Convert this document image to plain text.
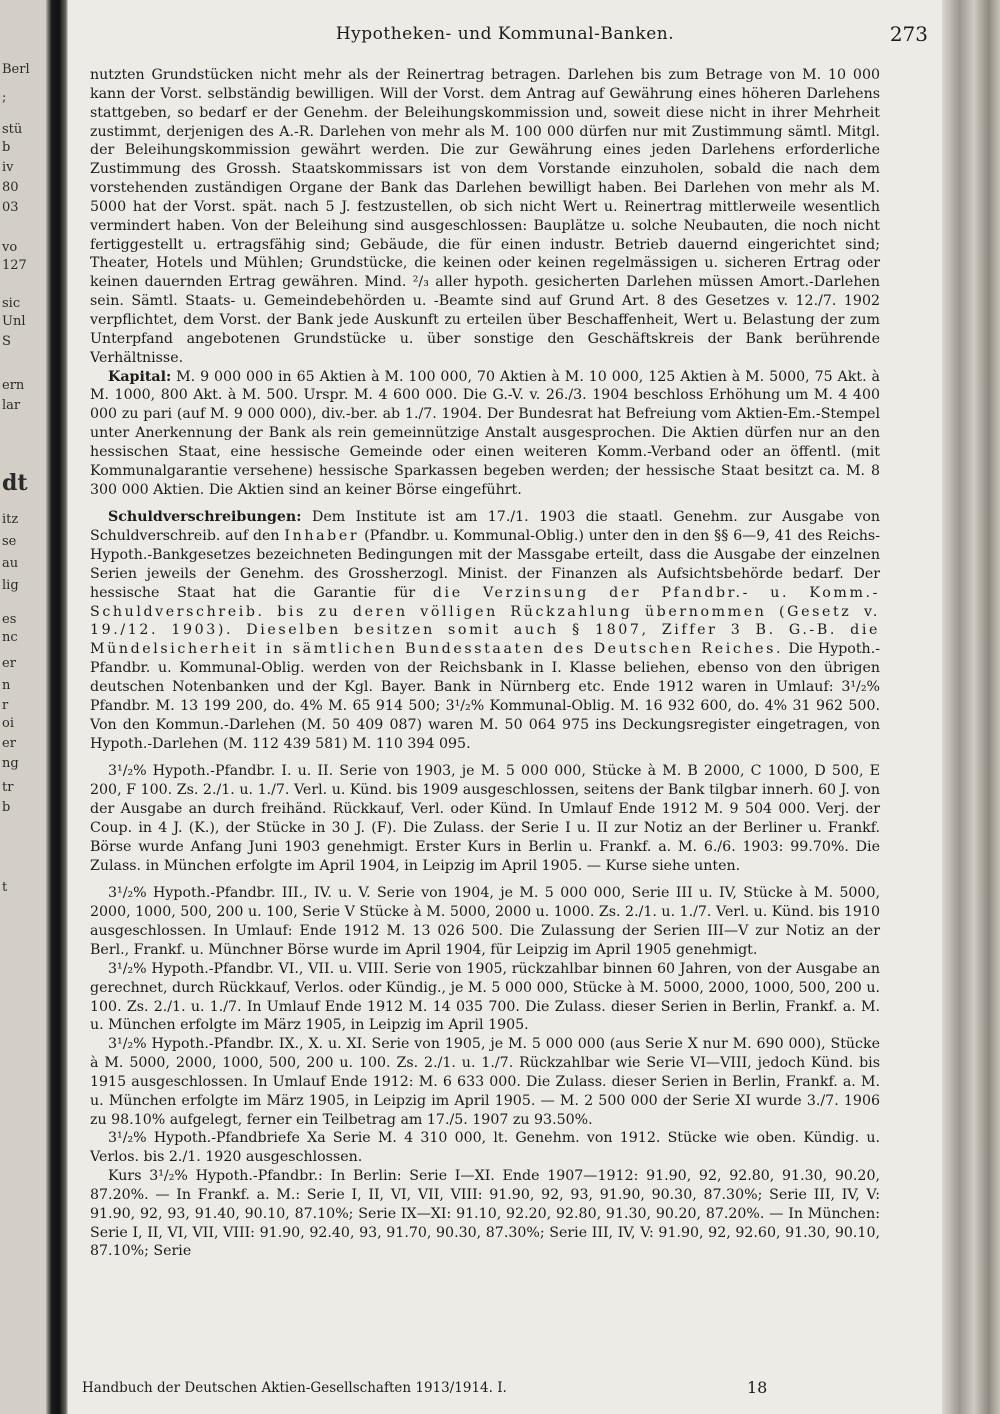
Berl
;
stü
b
iv
80
03
vo
127
sic
Unl
S
ern
lar
dt
itz
se
au
lig
es
nc
er
n
r
oi
er
ng
tr
b
t
Hypotheken- und Kommunal-Banken.	273

nutzten Grundstücken nicht mehr als der Reinertrag betragen. Darlehen bis zum Betrage von M. 10 000 kann der Vorst. selbständig bewilligen. Will der Vorst. dem Antrag auf Gewährung eines höheren Darlehens stattgeben, so bedarf er der Genehm. der Beleihungskommission und, soweit diese nicht in ihrer Mehrheit zustimmt, derjenigen des A.-R. Darlehen von mehr als M. 100 000 dürfen nur mit Zustimmung sämtl. Mitgl. der Beleihungskommission gewährt werden. Die zur Gewährung eines jeden Darlehens erforderliche Zustimmung des Grossh. Staatskommissars ist von dem Vorstande einzuholen, sobald die nach dem vorstehenden zuständigen Organe der Bank das Darlehen bewilligt haben. Bei Darlehen von mehr als M. 5000 hat der Vorst. spät. nach 5 J. festzustellen, ob sich nicht Wert u. Reinertrag mittlerweile wesentlich vermindert haben. Von der Beleihung sind ausgeschlossen: Bauplätze u. solche Neubauten, die noch nicht fertiggestellt u. ertragsfähig sind; Gebäude, die für einen industr. Betrieb dauernd eingerichtet sind; Theater, Hotels und Mühlen; Grundstücke, die keinen oder keinen regelmässigen u. sicheren Ertrag oder keinen dauernden Ertrag gewähren. Mind. ²/₃ aller hypoth. gesicherten Darlehen müssen Amort.-Darlehen sein. Sämtl. Staats- u. Gemeindebehörden u. -Beamte sind auf Grund Art. 8 des Gesetzes v. 12./7. 1902 verpflichtet, dem Vorst. der Bank jede Auskunft zu erteilen über Beschaffenheit, Wert u. Belastung der zum Unterpfand angebotenen Grundstücke u. über sonstige den Geschäftskreis der Bank berührende Verhältnisse.

Kapital: M. 9 000 000 in 65 Aktien à M. 100 000, 70 Aktien à M. 10 000, 125 Aktien à M. 5000, 75 Akt. à M. 1000, 800 Akt. à M. 500. Urspr. M. 4 600 000. Die G.-V. v. 26./3. 1904 beschloss Erhöhung um M. 4 400 000 zu pari (auf M. 9 000 000), div.-ber. ab 1./7. 1904. Der Bundesrat hat Befreiung vom Aktien-Em.-Stempel unter Anerkennung der Bank als rein gemeinnützige Anstalt ausgesprochen. Die Aktien dürfen nur an den hessischen Staat, eine hessische Gemeinde oder einen weiteren Komm.-Verband oder an öffentl. (mit Kommunalgarantie versehene) hessische Sparkassen begeben werden; der hessische Staat besitzt ca. M. 8 300 000 Aktien. Die Aktien sind an keiner Börse eingeführt.

Schuldverschreibungen: Dem Institute ist am 17./1. 1903 die staatl. Genehm. zur Ausgabe von Schuldverschreib. auf den Inhaber (Pfandbr. u. Kommunal-Oblig.) unter den in den §§ 6—9, 41 des Reichs-Hypoth.-Bankgesetzes bezeichneten Bedingungen mit der Massgabe erteilt, dass die Ausgabe der einzelnen Serien jeweils der Genehm. des Grossherzogl. Minist. der Finanzen als Aufsichtsbehörde bedarf. Der hessische Staat hat die Garantie für die Verzinsung der Pfandbr.- u. Komm.-Schuldverschreib. bis zu deren völligen Rückzahlung übernommen (Gesetz v. 19./12. 1903). Dieselben besitzen somit auch § 1807, Ziffer 3 B. G.-B. die Mündelsicherheit in sämtlichen Bundesstaaten des Deutschen Reiches. Die Hypoth.-Pfandbr. u. Kommunal-Oblig. werden von der Reichsbank in I. Klasse beliehen, ebenso von den übrigen deutschen Notenbanken und der Kgl. Bayer. Bank in Nürnberg etc. Ende 1912 waren in Umlauf: 3¹/₂% Pfandbr. M. 13 199 200, do. 4% M. 65 914 500; 3¹/₂% Kommunal-Oblig. M. 16 932 600, do. 4% 31 962 500. Von den Kommun.-Darlehen (M. 50 409 087) waren M. 50 064 975 ins Deckungsregister eingetragen, von Hypoth.-Darlehen (M. 112 439 581) M. 110 394 095.

3¹/₂% Hypoth.-Pfandbr. I. u. II. Serie von 1903, je M. 5 000 000, Stücke à M. B 2000, C 1000, D 500, E 200, F 100. Zs. 2./1. u. 1./7. Verl. u. Künd. bis 1909 ausgeschlossen, seitens der Bank tilgbar innerh. 60 J. von der Ausgabe an durch freihänd. Rückkauf, Verl. oder Künd. In Umlauf Ende 1912 M. 9 504 000. Verj. der Coup. in 4 J. (K.), der Stücke in 30 J. (F). Die Zulass. der Serie I u. II zur Notiz an der Berliner u. Frankf. Börse wurde Anfang Juni 1903 genehmigt. Erster Kurs in Berlin u. Frankf. a. M. 6./6. 1903: 99.70%. Die Zulass. in München erfolgte im April 1904, in Leipzig im April 1905. — Kurse siehe unten.

3¹/₂% Hypoth.-Pfandbr. III., IV. u. V. Serie von 1904, je M. 5 000 000, Serie III u. IV, Stücke à M. 5000, 2000, 1000, 500, 200 u. 100, Serie V Stücke à M. 5000, 2000 u. 1000. Zs. 2./1. u. 1./7. Verl. u. Künd. bis 1910 ausgeschlossen. In Umlauf: Ende 1912 M. 13 026 500. Die Zulassung der Serien III—V zur Notiz an der Berl., Frankf. u. Münchner Börse wurde im April 1904, für Leipzig im April 1905 genehmigt.

3¹/₂% Hypoth.-Pfandbr. VI., VII. u. VIII. Serie von 1905, rückzahlbar binnen 60 Jahren, von der Ausgabe an gerechnet, durch Rückkauf, Verlos. oder Kündig., je M. 5 000 000, Stücke à M. 5000, 2000, 1000, 500, 200 u. 100. Zs. 2./1. u. 1./7. In Umlauf Ende 1912 M. 14 035 700. Die Zulass. dieser Serien in Berlin, Frankf. a. M. u. München erfolgte im März 1905, in Leipzig im April 1905.

3¹/₂% Hypoth.-Pfandbr. IX., X. u. XI. Serie von 1905, je M. 5 000 000 (aus Serie X nur M. 690 000), Stücke à M. 5000, 2000, 1000, 500, 200 u. 100. Zs. 2./1. u. 1./7. Rückzahlbar wie Serie VI—VIII, jedoch Künd. bis 1915 ausgeschlossen. In Umlauf Ende 1912: M. 6 633 000. Die Zulass. dieser Serien in Berlin, Frankf. a. M. u. München erfolgte im März 1905, in Leipzig im April 1905. — M. 2 500 000 der Serie XI wurde 3./7. 1906 zu 98.10% aufgelegt, ferner ein Teilbetrag am 17./5. 1907 zu 93.50%.

3¹/₂% Hypoth.-Pfandbriefe Xa Serie M. 4 310 000, lt. Genehm. von 1912. Stücke wie oben. Kündig. u. Verlos. bis 2./1. 1920 ausgeschlossen.

Kurs 3¹/₂% Hypoth.-Pfandbr.: In Berlin: Serie I—XI. Ende 1907—1912: 91.90, 92, 92.80, 91.30, 90.20, 87.20%. — In Frankf. a. M.: Serie I, II, VI, VII, VIII: 91.90, 92, 93, 91.90, 90.30, 87.30%; Serie III, IV, V: 91.90, 92, 93, 91.40, 90.10, 87.10%; Serie IX—XI: 91.10, 92.20, 92.80, 91.30, 90.20, 87.20%. — In München: Serie I, II, VI, VII, VIII: 91.90, 92.40, 93, 91.70, 90.30, 87.30%; Serie III, IV, V: 91.90, 92, 92.60, 91.30, 90.10, 87.10%; Serie

Handbuch der Deutschen Aktien-Gesellschaften 1913/1914. I.	18
